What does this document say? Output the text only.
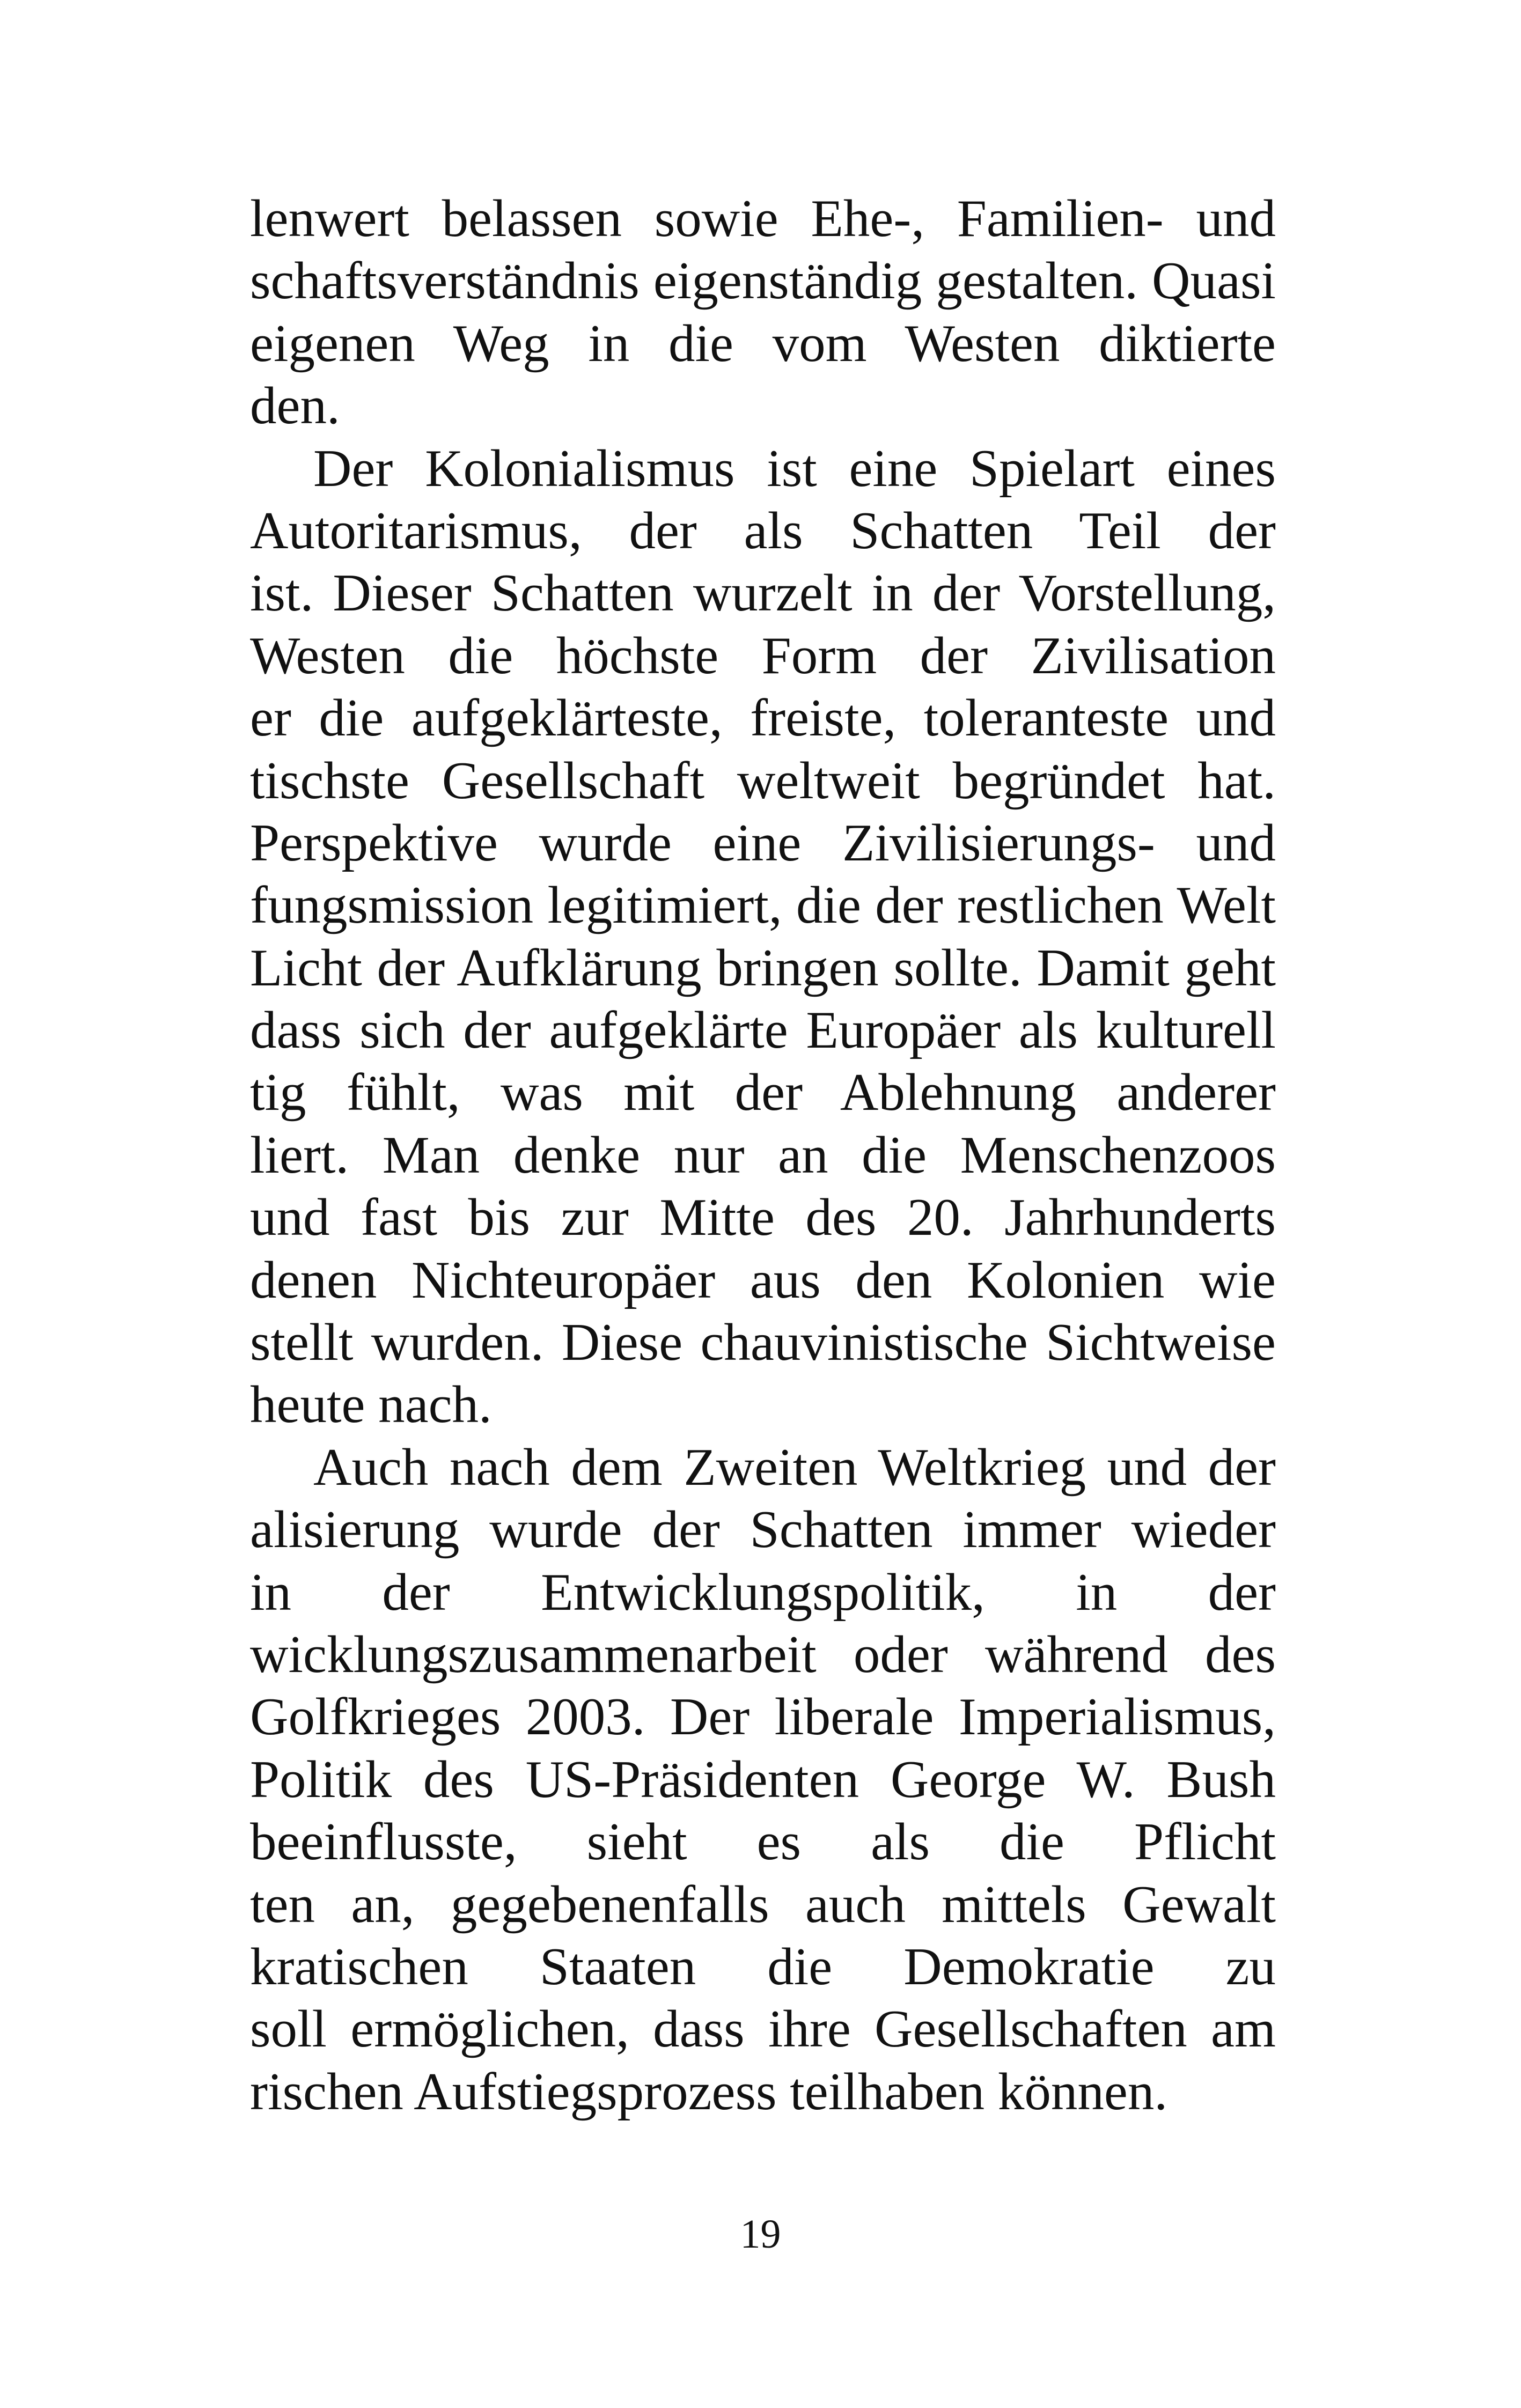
lenwert belassen sowie Ehe-, Familien- und
schaftsverständnis eigenständig gestalten. Quasi
eigenen Weg in die vom Westen diktierte
den.
Der Kolonialismus ist eine Spielart eines
Autoritarismus, der als Schatten Teil der
ist. Dieser Schatten wurzelt in der Vorstellung,
Westen die höchste Form der Zivilisation
er die aufgeklärteste, freiste, toleranteste und
tischste Gesellschaft weltweit begründet hat.
Perspektive wurde eine Zivilisierungs- und
fungsmission legitimiert, die der restlichen Welt
Licht der Aufklärung bringen sollte. Damit geht
dass sich der aufgeklärte Europäer als kulturell
tig fühlt, was mit der Ablehnung anderer
liert. Man denke nur an die Menschenzoos
und fast bis zur Mitte des 20. Jahrhunderts
denen Nichteuropäer aus den Kolonien wie
stellt wurden. Diese chauvinistische Sichtweise
heute nach.
Auch nach dem Zweiten Weltkrieg und der
alisierung wurde der Schatten immer wieder
in der Entwicklungspolitik, in der
wicklungszusammenarbeit oder während des
Golfkrieges 2003. Der liberale Imperialismus,
Politik des US-Präsidenten George W. Bush
beeinflusste, sieht es als die Pflicht
ten an, gegebenenfalls auch mittels Gewalt
kratischen Staaten die Demokratie zu
soll ermöglichen, dass ihre Gesellschaften am
rischen Aufstiegsprozess teilhaben können.
19
